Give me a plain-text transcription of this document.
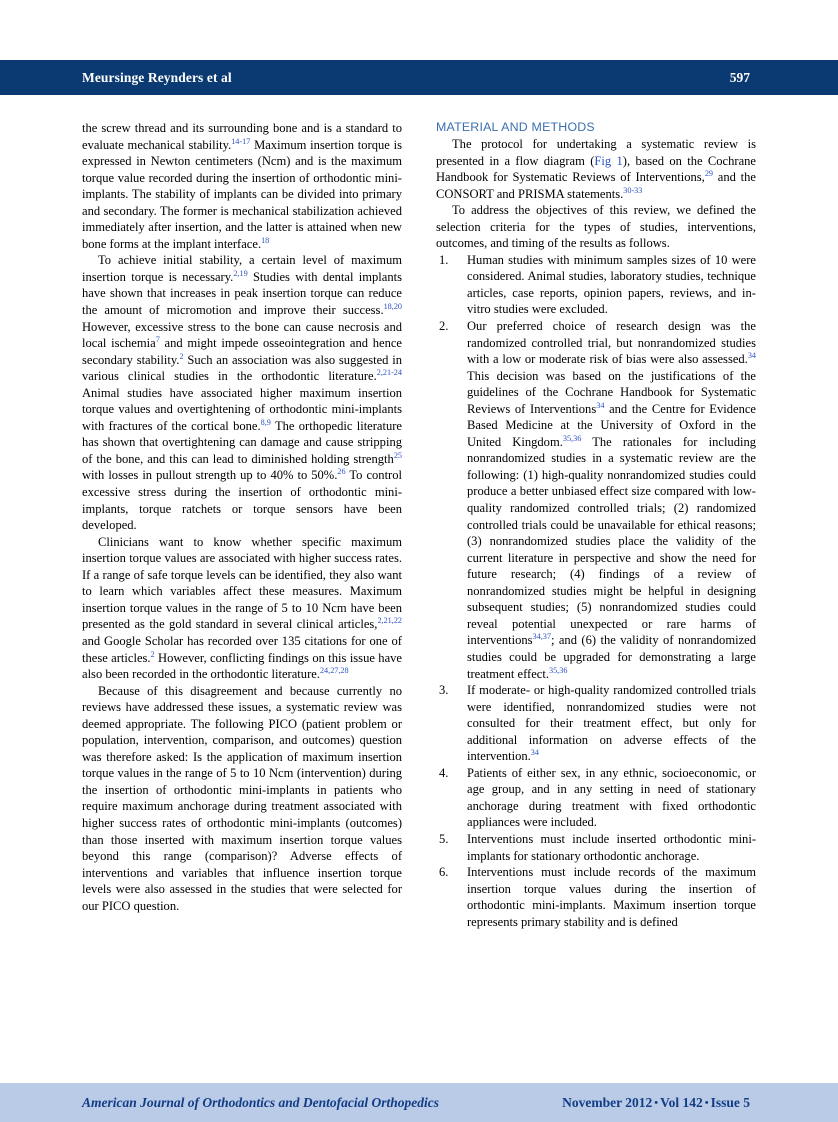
Meursinge Reynders et al	597

the screw thread and its surrounding bone and is a standard to evaluate mechanical stability.$^{14-17}$ Maximum insertion torque is expressed in Newton centimeters (Ncm) and is the maximum torque value recorded during the insertion of orthodontic mini-implants. The stability of implants can be divided into primary and secondary. The former is mechanical stabilization achieved immediately after insertion, and the latter is attained when new bone forms at the implant interface.$^{18}$

To achieve initial stability, a certain level of maximum insertion torque is necessary.$^{2,19}$ Studies with dental implants have shown that increases in peak insertion torque can reduce the amount of micromotion and improve their success.$^{18,20}$ However, excessive stress to the bone can cause necrosis and local ischemia$^7$ and might impede osseointegration and hence secondary stability.$^2$ Such an association was also suggested in various clinical studies in the orthodontic literature.$^{2,21-24}$ Animal studies have associated higher maximum insertion torque values and overtightening of orthodontic mini-implants with fractures of the cortical bone.$^{8,9}$ The orthopedic literature has shown that overtightening can damage and cause stripping of the bone, and this can lead to diminished holding strength$^{25}$ with losses in pullout strength up to 40% to 50%.$^{26}$ To control excessive stress during the insertion of orthodontic mini-implants, torque ratchets or torque sensors have been developed.

Clinicians want to know whether specific maximum insertion torque values are associated with higher success rates. If a range of safe torque levels can be identified, they also want to learn which variables affect these measures. Maximum insertion torque values in the range of 5 to 10 Ncm have been presented as the gold standard in several clinical articles,$^{2,21,22}$ and Google Scholar has recorded over 135 citations for one of these articles.$^2$ However, conflicting findings on this issue have also been recorded in the orthodontic literature.$^{24,27,28}$

Because of this disagreement and because currently no reviews have addressed these issues, a systematic review was deemed appropriate. The following PICO (patient problem or population, intervention, comparison, and outcomes) question was therefore asked: Is the application of maximum insertion torque values in the range of 5 to 10 Ncm (intervention) during the insertion of orthodontic mini-implants in patients who require maximum anchorage during treatment associated with higher success rates of orthodontic mini-implants (outcomes) than those inserted with maximum insertion torque values beyond this range (comparison)? Adverse effects of interventions and variables that influence insertion torque levels were also assessed in the studies that were selected for our PICO question.

MATERIAL AND METHODS

The protocol for undertaking a systematic review is presented in a flow diagram (Fig 1), based on the Cochrane Handbook for Systematic Reviews of Interventions,$^{29}$ and the CONSORT and PRISMA statements.$^{30-33}$

To address the objectives of this review, we defined the selection criteria for the types of studies, interventions, outcomes, and timing of the results as follows.

Human studies with minimum samples sizes of 10 were considered. Animal studies, laboratory studies, technique articles, case reports, opinion papers, reviews, and in-vitro studies were excluded.
Our preferred choice of research design was the randomized controlled trial, but nonrandomized studies with a low or moderate risk of bias were also assessed.$^{34}$ This decision was based on the justifications of the guidelines of the Cochrane Handbook for Systematic Reviews of Interventions$^{34}$ and the Centre for Evidence Based Medicine at the University of Oxford in the United Kingdom.$^{35,36}$ The rationales for including nonrandomized studies in a systematic review are the following: (1) high-quality nonrandomized studies could produce a better unbiased effect size compared with low-quality randomized controlled trials; (2) randomized controlled trials could be unavailable for ethical reasons; (3) nonrandomized studies place the validity of the current literature in perspective and show the need for future research; (4) findings of a review of nonrandomized studies might be helpful in designing subsequent studies; (5) nonrandomized studies could reveal potential unexpected or rare harms of interventions$^{34,37}$; and (6) the validity of nonrandomized studies could be upgraded for demonstrating a large treatment effect.$^{35,36}$
If moderate- or high-quality randomized controlled trials were identified, nonrandomized studies were not consulted for their treatment effect, but only for additional information on adverse effects of the intervention.$^{34}$
Patients of either sex, in any ethnic, socioeconomic, or age group, and in any setting in need of stationary anchorage during treatment with fixed orthodontic appliances were included.
Interventions must include inserted orthodontic mini-implants for stationary orthodontic anchorage.
Interventions must include records of the maximum insertion torque values during the insertion of orthodontic mini-implants. Maximum insertion torque represents primary stability and is defined
American Journal of Orthodontics and Dentofacial Orthopedics	November 2012 • Vol 142 • Issue 5
